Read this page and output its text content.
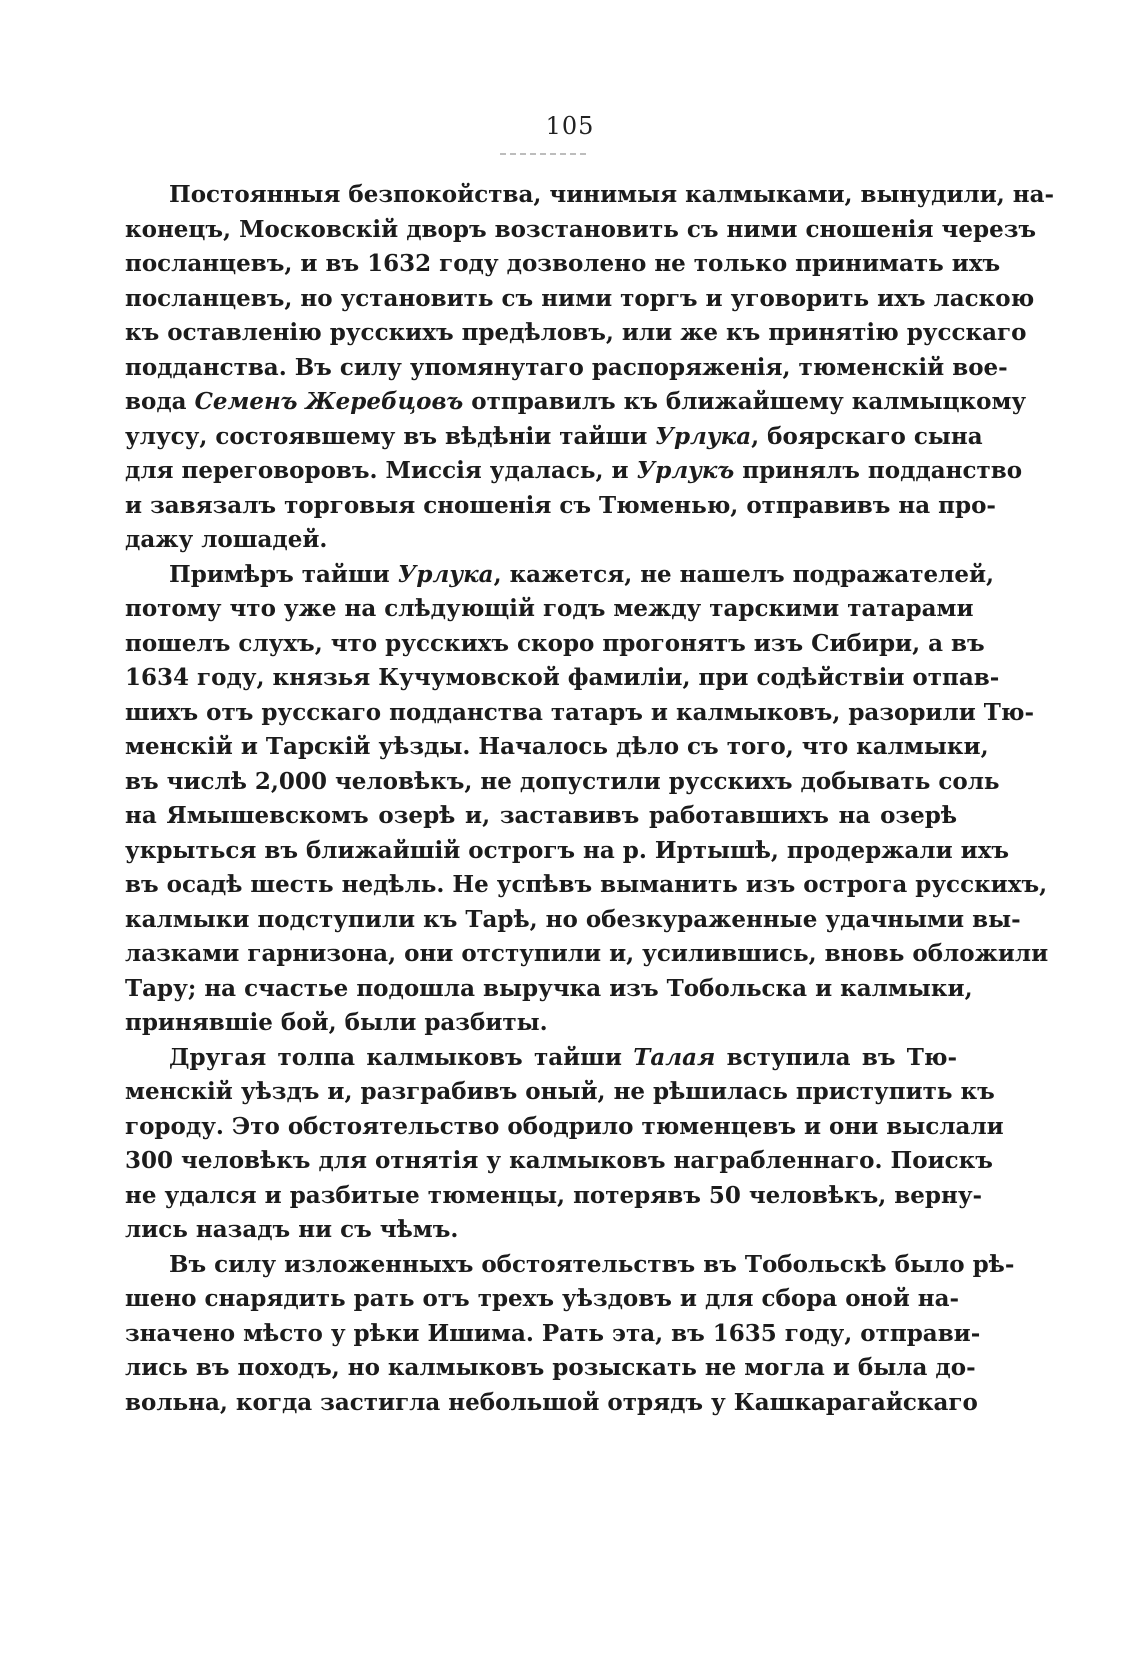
105
Постоянныя безпокойства, чинимыя калмыками, вынудили, на-
конецъ, Московскій дворъ возстановить съ ними сношенія черезъ
посланцевъ, и въ 1632 году дозволено не только принимать ихъ
посланцевъ, но установить съ ними торгъ и уговорить ихъ ласкою
къ оставленію русскихъ предѣловъ, или же къ принятію русскаго
подданства. Въ силу упомянутаго распоряженія, тюменскій вое-
вода Семенъ Жеребцовъ отправилъ къ ближайшему калмыцкому
улусу, состоявшему въ вѣдѣніи тайши Урлука, боярскаго сына
для переговоровъ. Миссія удалась, и Урлукъ принялъ подданство
и завязалъ торговыя сношенія съ Тюменью, отправивъ на про-
дажу лошадей.
Примѣръ тайши Урлука, кажется, не нашелъ подражателей,
потому что уже на слѣдующій годъ между тарскими татарами
пошелъ слухъ, что русскихъ скоро прогонятъ изъ Сибири, а въ
1634 году, князья Кучумовской фамиліи, при содѣйствіи отпав-
шихъ отъ русскаго подданства татаръ и калмыковъ, разорили Тю-
менскій и Тарскій уѣзды. Началось дѣло съ того, что калмыки,
въ числѣ 2,000 человѣкъ, не допустили русскихъ добывать соль
на Ямышевскомъ озерѣ и, заставивъ работавшихъ на озерѣ
укрыться въ ближайшій острогъ на р. Иртышѣ, продержали ихъ
въ осадѣ шесть недѣль. Не успѣвъ выманить изъ острога русскихъ,
калмыки подступили къ Тарѣ, но обезкураженные удачными вы-
лазками гарнизона, они отступили и, усилившись, вновь обложили
Тару; на счастье подошла выручка изъ Тобольска и калмыки,
принявшіе бой, были разбиты.
Другая толпа калмыковъ тайши Талая вступила въ Тю-
менскій уѣздъ и, разграбивъ оный, не рѣшилась приступить къ
городу. Это обстоятельство ободрило тюменцевъ и они выслали
300 человѣкъ для отнятія у калмыковъ награбленнаго. Поискъ
не удался и разбитые тюменцы, потерявъ 50 человѣкъ, верну-
лись назадъ ни съ чѣмъ.
Въ силу изложенныхъ обстоятельствъ въ Тобольскѣ было рѣ-
шено снарядить рать отъ трехъ уѣздовъ и для сбора оной на-
значено мѣсто у рѣки Ишима. Рать эта, въ 1635 году, отправи-
лись въ походъ, но калмыковъ розыскать не могла и была до-
вольна, когда застигла небольшой отрядъ у Кашкарагайскаго
